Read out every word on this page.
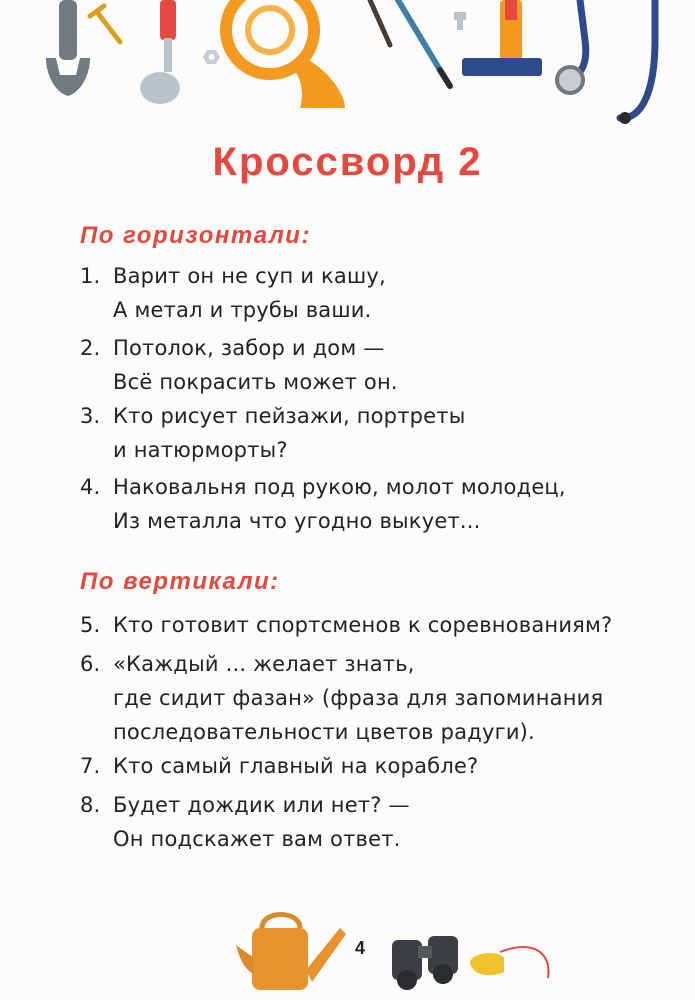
Кроссворд 2
По горизонтали:
1. Варит он не суп и кашу,
А метал и трубы ваши.
2. Потолок, забор и дом —
Всё покрасить может он.
3. Кто рисует пейзажи, портреты
и натюрморты?
4. Наковальня под рукою, молот молодец,
Из металла что угодно выкует...
По вертикали:
5. Кто готовит спортсменов к соревнованиям?
6. «Каждый ... желает знать,
где сидит фазан» (фраза для запоминания
последовательности цветов радуги).
7. Кто самый главный на корабле?
8. Будет дождик или нет? —
Он подскажет вам ответ.
4
